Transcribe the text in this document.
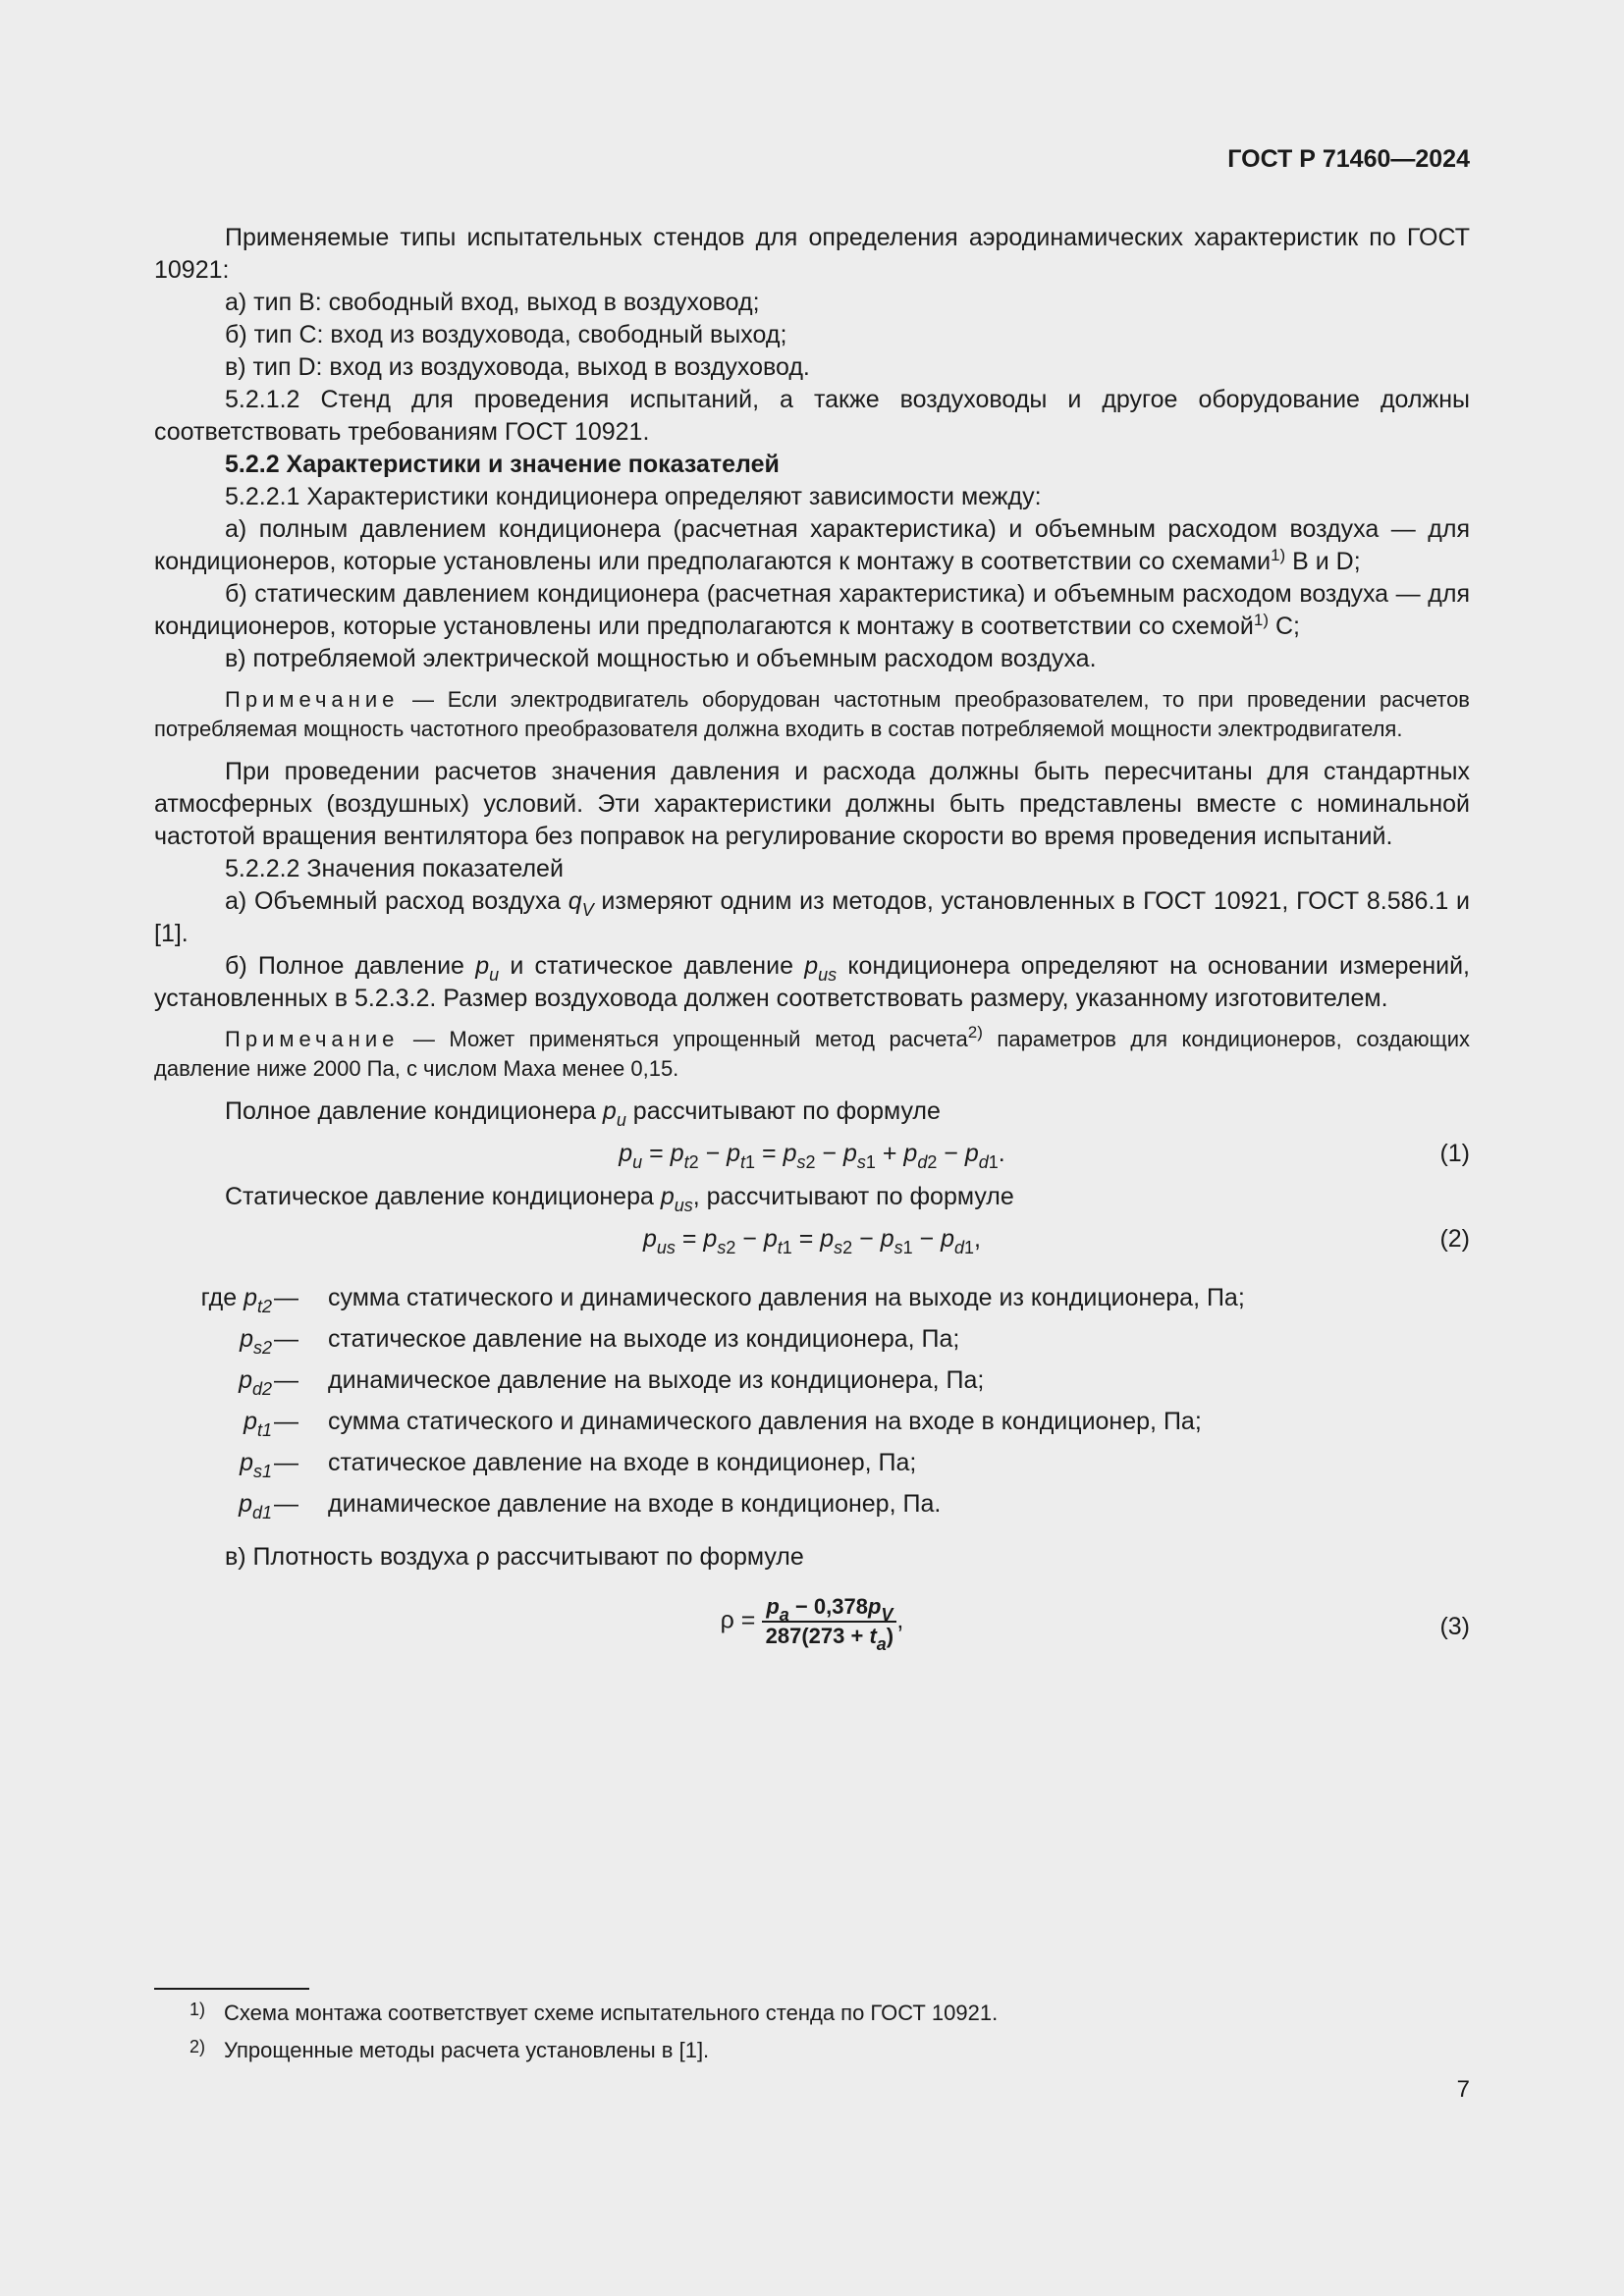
ГОСТ Р 71460—2024

Применяемые типы испытательных стендов для определения аэродинамических характеристик по ГОСТ 10921:

а) тип В: свободный вход, выход в воздуховод;

б) тип С: вход из воздуховода, свободный выход;

в) тип D: вход из воздуховода, выход в воздуховод.

5.2.1.2 Стенд для проведения испытаний, а также воздуховоды и другое оборудование должны соответствовать требованиям ГОСТ 10921.

5.2.2 Характеристики и значение показателей

5.2.2.1 Характеристики кондиционера определяют зависимости между:

а) полным давлением кондиционера (расчетная характеристика) и объемным расходом воздуха — для кондиционеров, которые установлены или предполагаются к монтажу в соответствии со схемами$^{1)}$ В и D;

б) статическим давлением кондиционера (расчетная характеристика) и объемным расходом воздуха — для кондиционеров, которые установлены или предполагаются к монтажу в соответствии со схемой$^{1)}$ С;

в) потребляемой электрической мощностью и объемным расходом воздуха.

Примечание — Если электродвигатель оборудован частотным преобразователем, то при проведении расчетов потребляемая мощность частотного преобразователя должна входить в состав потребляемой мощности электродвигателя.

При проведении расчетов значения давления и расхода должны быть пересчитаны для стандартных атмосферных (воздушных) условий. Эти характеристики должны быть представлены вместе с номинальной частотой вращения вентилятора без поправок на регулирование скорости во время проведения испытаний.

5.2.2.2 Значения показателей

а) Объемный расход воздуха $q_V$ измеряют одним из методов, установленных в ГОСТ 10921, ГОСТ 8.586.1 и [1].

б) Полное давление $p_u$ и статическое давление $p_{us}$ кондиционера определяют на основании измерений, установленных в 5.2.3.2. Размер воздуховода должен соответствовать размеру, указанному изготовителем.

Примечание — Может применяться упрощенный метод расчета$^{2)}$ параметров для кондиционеров, создающих давление ниже 2000 Па, с числом Маха менее 0,15.

Полное давление кондиционера $p_u$ рассчитывают по формуле

$p_u = p_{t2} - p_{t1} = p_{s2} - p_{s1} + p_{d2} - p_{d1}$.	(1)

Статическое давление кондиционера $p_{us}$, рассчитывают по формуле

$p_{us} = p_{s2} - p_{t1} = p_{s2} - p_{s1} - p_{d1}$,	(2)
где $p_{t2}$ — сумма статического и динамического давления на выходе из кондиционера, Па;
$p_{s2}$ — статическое давление на выходе из кондиционера, Па;
$p_{d2}$ — динамическое давление на выходе из кондиционера, Па;
$p_{t1}$ — сумма статического и динамического давления на входе в кондиционер, Па;
$p_{s1}$ — статическое давление на входе в кондиционер, Па;
$p_{d1}$ — динамическое давление на входе в кондиционер, Па.

в) Плотность воздуха ρ рассчитывают по формуле

$\rho = \frac{p_a - 0,378p_V}{287(273 + t_a)}$ ,	(3)
1) Схема монтажа соответствует схеме испытательного стенда по ГОСТ 10921.
2) Упрощенные методы расчета установлены в [1].
7
